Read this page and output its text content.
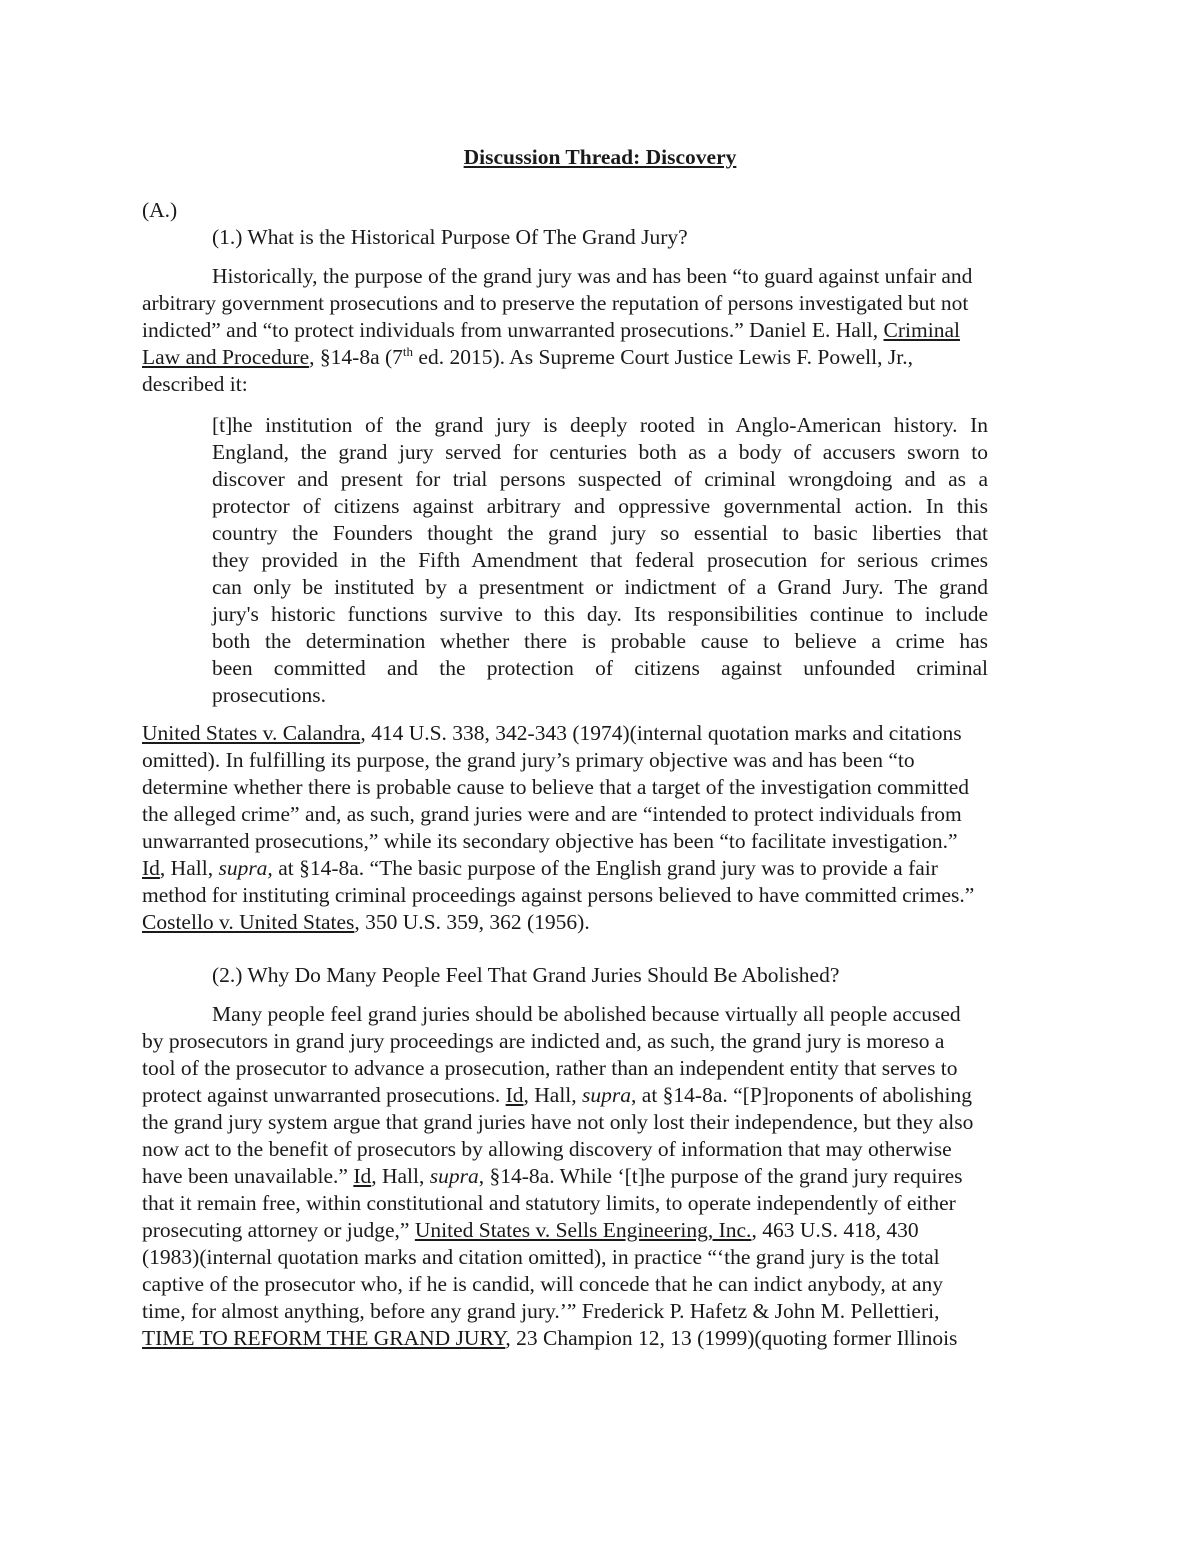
Discussion Thread: Discovery
(A.)
(1.) What is the Historical Purpose Of The Grand Jury?
Historically, the purpose of the grand jury was and has been “to guard against unfair and
arbitrary government prosecutions and to preserve the reputation of persons investigated but not
indicted” and “to protect individuals from unwarranted prosecutions.” Daniel E. Hall, Criminal
Law and Procedure, §14-8a (7th ed. 2015). As Supreme Court Justice Lewis F. Powell, Jr.,
described it:
[t]he institution of the grand jury is deeply rooted in Anglo-American history. In
England, the grand jury served for centuries both as a body of accusers sworn to
discover and present for trial persons suspected of criminal wrongdoing and as a
protector of citizens against arbitrary and oppressive governmental action. In this
country the Founders thought the grand jury so essential to basic liberties that
they provided in the Fifth Amendment that federal prosecution for serious crimes
can only be instituted by a presentment or indictment of a Grand Jury. The grand
jury's historic functions survive to this day. Its responsibilities continue to include
both the determination whether there is probable cause to believe a crime has
been committed and the protection of citizens against unfounded criminal
prosecutions.
United States v. Calandra, 414 U.S. 338, 342-343 (1974)(internal quotation marks and citations
omitted). In fulfilling its purpose, the grand jury’s primary objective was and has been “to
determine whether there is probable cause to believe that a target of the investigation committed
the alleged crime” and, as such, grand juries were and are “intended to protect individuals from
unwarranted prosecutions,” while its secondary objective has been “to facilitate investigation.”
Id, Hall, supra, at §14-8a. “The basic purpose of the English grand jury was to provide a fair
method for instituting criminal proceedings against persons believed to have committed crimes.”
Costello v. United States, 350 U.S. 359, 362 (1956).
(2.) Why Do Many People Feel That Grand Juries Should Be Abolished?
Many people feel grand juries should be abolished because virtually all people accused
by prosecutors in grand jury proceedings are indicted and, as such, the grand jury is moreso a
tool of the prosecutor to advance a prosecution, rather than an independent entity that serves to
protect against unwarranted prosecutions. Id, Hall, supra, at §14-8a. “[P]roponents of abolishing
the grand jury system argue that grand juries have not only lost their independence, but they also
now act to the benefit of prosecutors by allowing discovery of information that may otherwise
have been unavailable.” Id, Hall, supra, §14-8a. While ‘[t]he purpose of the grand jury requires
that it remain free, within constitutional and statutory limits, to operate independently of either
prosecuting attorney or judge,” United States v. Sells Engineering, Inc., 463 U.S. 418, 430
(1983)(internal quotation marks and citation omitted), in practice “‘the grand jury is the total
captive of the prosecutor who, if he is candid, will concede that he can indict anybody, at any
time, for almost anything, before any grand jury.’” Frederick P. Hafetz & John M. Pellettieri,
TIME TO REFORM THE GRAND JURY, 23 Champion 12, 13 (1999)(quoting former Illinois
